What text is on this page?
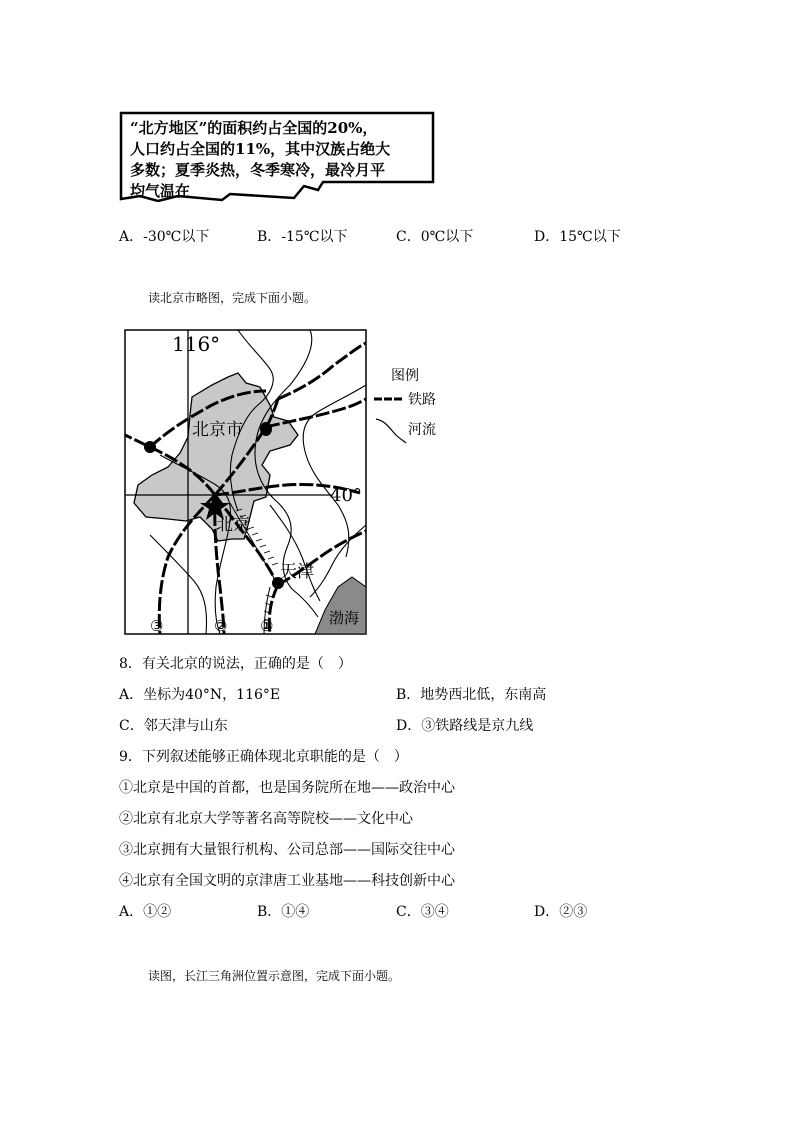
“北方地区”的面积约占全国的20%，
人口约占全国的11%，其中汉族占绝大
多数；夏季炎热，冬季寒冷，最冷月平
均气温在
A．-30℃以下	B．-15℃以下	C．0℃以下	D．15℃以下
读北京市略图，完成下面小题。
116°
40°
北京市
北京
天津
渤海
③	② ①
图例
铁路
河流
8．有关北京的说法，正确的是（　）
A．坐标为40°N，116°E	B．地势西北低，东南高
C．邻天津与山东	D．③铁路线是京九线
9．下列叙述能够正确体现北京职能的是（　）
①北京是中国的首都，也是国务院所在地——政治中心
②北京有北京大学等著名高等院校——文化中心
③北京拥有大量银行机构、公司总部——国际交往中心
④北京有全国文明的京津唐工业基地——科技创新中心
A．①②	B．①④	C．③④	D．②③
读图，长江三角洲位置示意图，完成下面小题。
